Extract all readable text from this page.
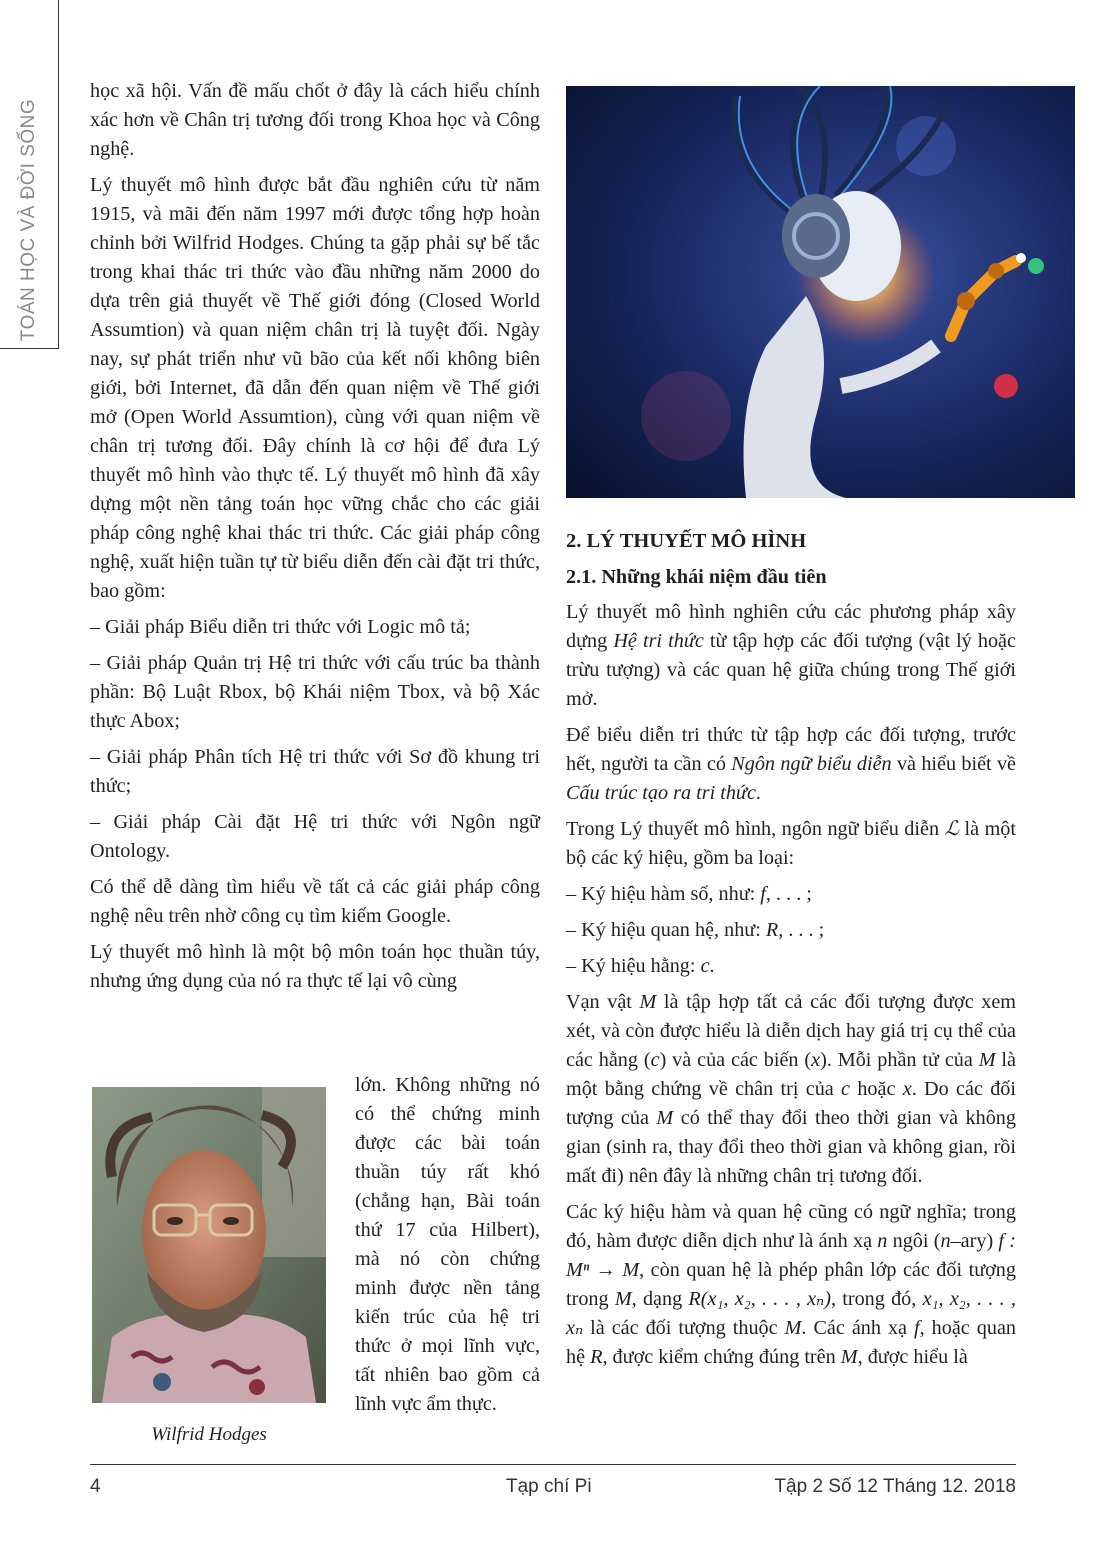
TOÁN HỌC VÀ ĐỜI SỐNG

học xã hội. Vấn đề mấu chốt ở đây là cách hiểu chính xác hơn về Chân trị tương đối trong Khoa học và Công nghệ.

Lý thuyết mô hình được bắt đầu nghiên cứu từ năm 1915, và mãi đến năm 1997 mới được tổng hợp hoàn chỉnh bởi Wilfrid Hodges. Chúng ta gặp phải sự bế tắc trong khai thác tri thức vào đầu những năm 2000 do dựa trên giả thuyết về Thế giới đóng (Closed World Assumtion) và quan niệm chân trị là tuyệt đối. Ngày nay, sự phát triển như vũ bão của kết nối không biên giới, bởi Internet, đã dẫn đến quan niệm về Thế giới mở (Open World Assumtion), cùng với quan niệm về chân trị tương đối. Đây chính là cơ hội để đưa Lý thuyết mô hình vào thực tế. Lý thuyết mô hình đã xây dựng một nền tảng toán học vững chắc cho các giải pháp công nghệ khai thác tri thức. Các giải pháp công nghệ, xuất hiện tuần tự từ biểu diễn đến cài đặt tri thức, bao gồm:

– Giải pháp Biểu diễn tri thức với Logic mô tả;

– Giải pháp Quản trị Hệ tri thức với cấu trúc ba thành phần: Bộ Luật Rbox, bộ Khái niệm Tbox, và bộ Xác thực Abox;

– Giải pháp Phân tích Hệ tri thức với Sơ đồ khung tri thức;

– Giải pháp Cài đặt Hệ tri thức với Ngôn ngữ Ontology.

Có thể dễ dàng tìm hiểu về tất cả các giải pháp công nghệ nêu trên nhờ công cụ tìm kiếm Google.

Lý thuyết mô hình là một bộ môn toán học thuần túy, nhưng ứng dụng của nó ra thực tế lại vô cùng

Wilfrid Hodges

lớn. Không những nó có thể chứng minh được các bài toán thuần túy rất khó (chẳng hạn, Bài toán thứ 17 của Hilbert), mà nó còn chứng minh được nền tảng kiến trúc của hệ tri thức ở mọi lĩnh vực, tất nhiên bao gồm cả lĩnh vực ẩm thực.

2. LÝ THUYẾT MÔ HÌNH
2.1. Những khái niệm đầu tiên

Lý thuyết mô hình nghiên cứu các phương pháp xây dựng Hệ tri thức từ tập hợp các đối tượng (vật lý hoặc trừu tượng) và các quan hệ giữa chúng trong Thế giới mở.

Để biểu diễn tri thức từ tập hợp các đối tượng, trước hết, người ta cần có Ngôn ngữ biểu diễn và hiểu biết về Cấu trúc tạo ra tri thức.

Trong Lý thuyết mô hình, ngôn ngữ biểu diễn ℒ là một bộ các ký hiệu, gồm ba loại:

– Ký hiệu hàm số, như: f, . . . ;

– Ký hiệu quan hệ, như: R, . . . ;

– Ký hiệu hằng: c.

Vạn vật M là tập hợp tất cả các đối tượng được xem xét, và còn được hiểu là diễn dịch hay giá trị cụ thể của các hằng (c) và của các biến (x). Mỗi phần tử của M là một bằng chứng về chân trị của c hoặc x. Do các đối tượng của M có thể thay đổi theo thời gian và không gian (sinh ra, thay đổi theo thời gian và không gian, rồi mất đi) nên đây là những chân trị tương đối.

Các ký hiệu hàm và quan hệ cũng có ngữ nghĩa; trong đó, hàm được diễn dịch như là ánh xạ n ngôi (n–ary) f : Mⁿ → M, còn quan hệ là phép phân lớp các đối tượng trong M, dạng R(x₁, x₂, . . . , xₙ), trong đó, x₁, x₂, . . . , xₙ là các đối tượng thuộc M. Các ánh xạ f, hoặc quan hệ R, được kiểm chứng đúng trên M, được hiểu là

4	Tạp chí Pi	Tập 2 Số 12 Tháng 12. 2018
